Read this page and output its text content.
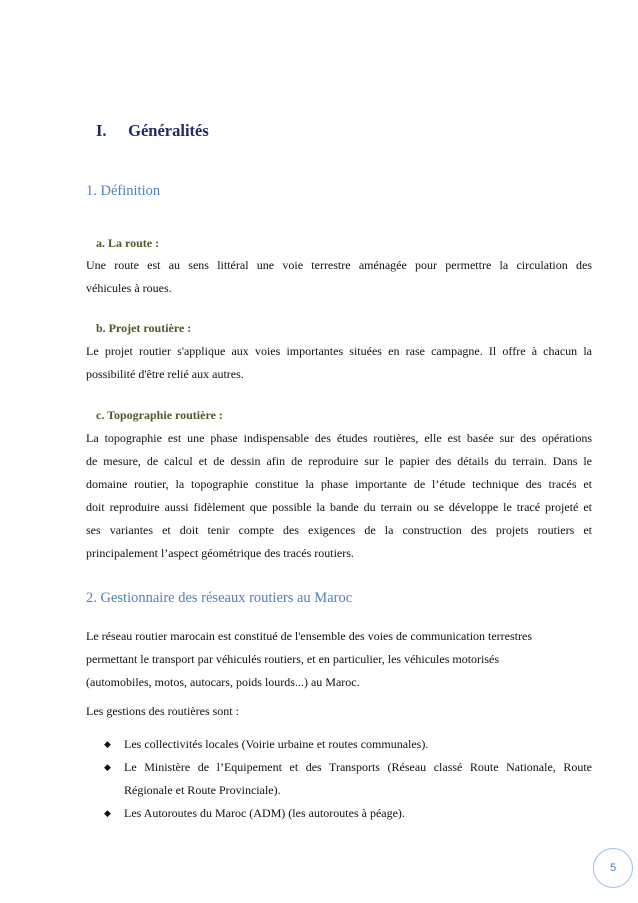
I. Généralités
1. Définition
a. La route :
Une route est au sens littéral une voie terrestre aménagée pour permettre la circulation des
véhicules à roues.
b. Projet routière :
Le projet routier s'applique aux voies importantes situées en rase campagne. Il offre à chacun la
possibilité d'être relié aux autres.
c. Topographie routière :
La topographie est une phase indispensable des études routières, elle est basée sur des opérations
de mesure, de calcul et de dessin afin de reproduire sur le papier des détails du terrain. Dans le
domaine routier, la topographie constitue la phase importante de l’étude technique des tracés et
doit reproduire aussi fidèlement que possible la bande du terrain ou se développe le tracé projeté et
ses variantes et doit tenir compte des exigences de la construction des projets routiers et
principalement l’aspect géométrique des tracés routiers.
2. Gestionnaire des réseaux routiers au Maroc
Le réseau routier marocain est constitué de l'ensemble des voies de communication terrestres
permettant le transport par véhiculés routiers, et en particulier, les véhicules motorisés
(automobiles, motos, autocars, poids lourds...) au Maroc.
Les gestions des routières sont :
◆ Les collectivités locales (Voirie urbaine et routes communales).
◆ Le Ministère de l’Equipement et des Transports (Réseau classé Route Nationale, Route Régionale et Route Provinciale).
◆ Les Autoroutes du Maroc (ADM) (les autoroutes à péage).
5
